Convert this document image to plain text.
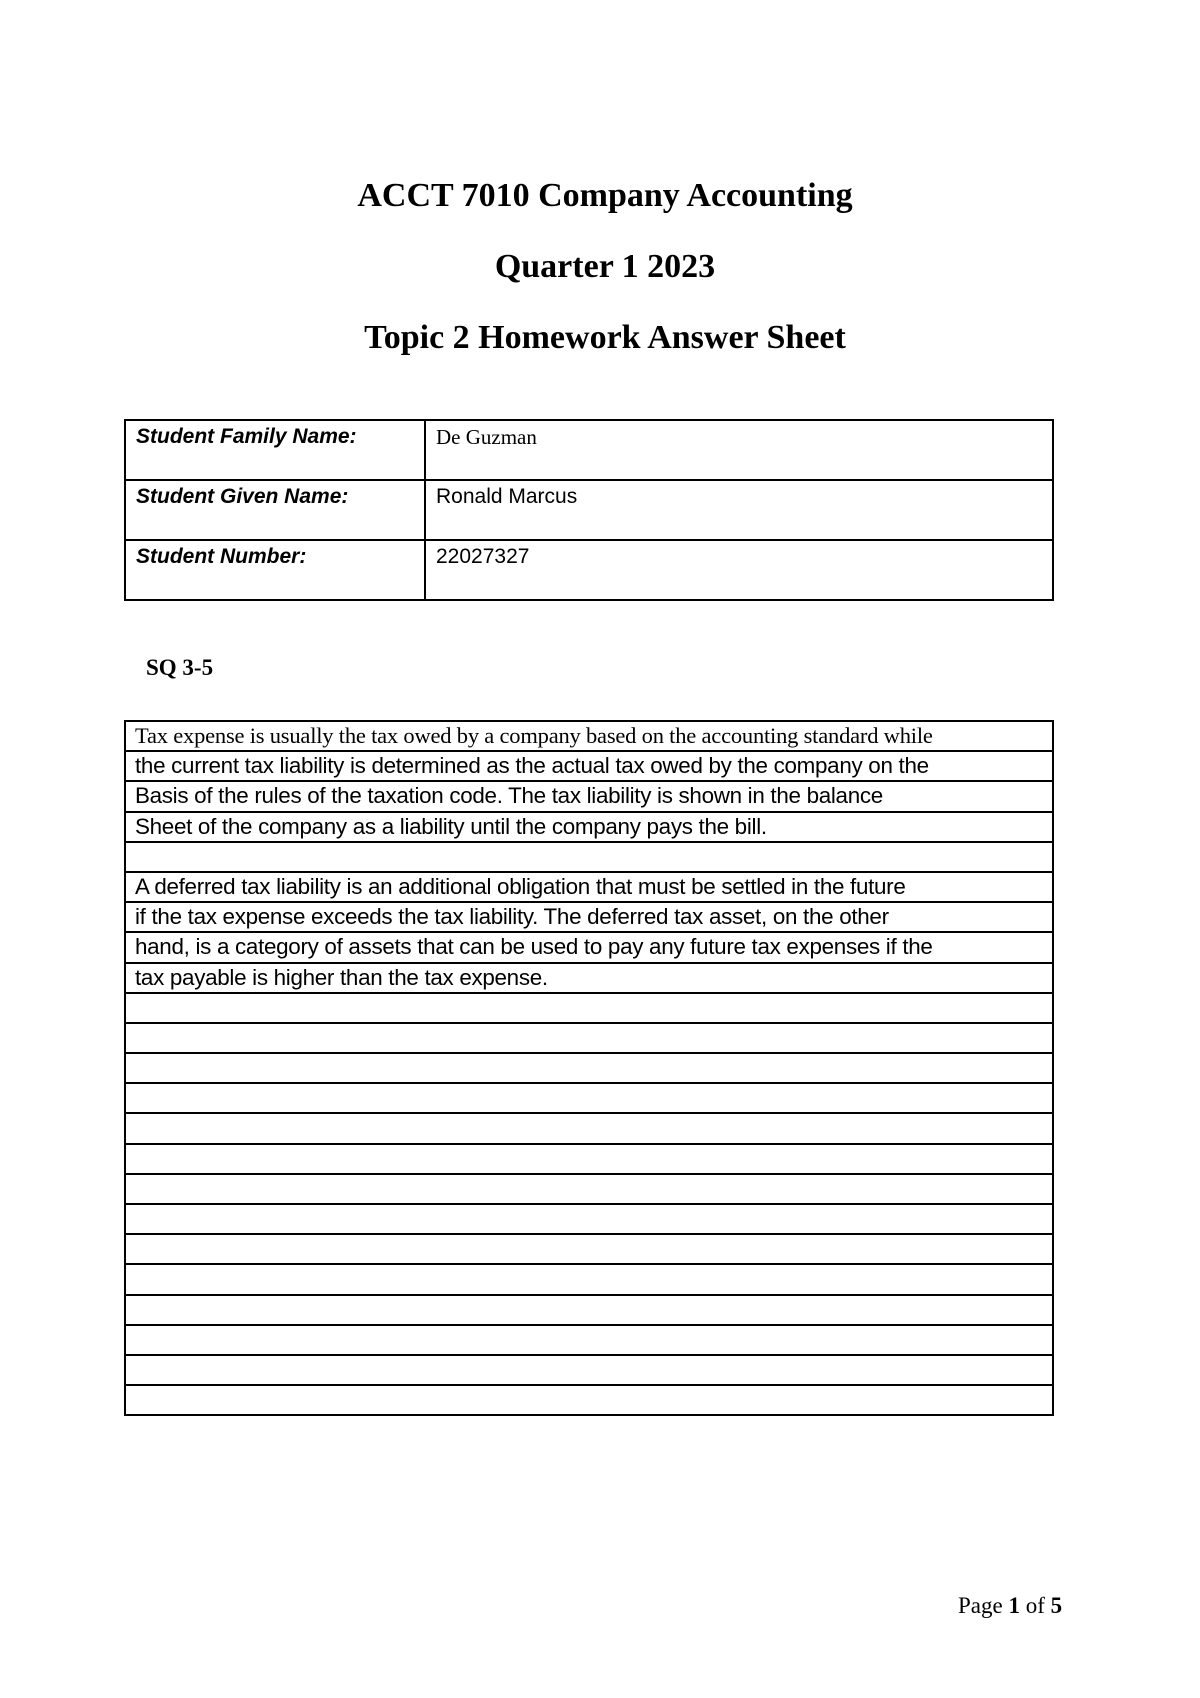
ACCT 7010 Company Accounting
Quarter 1 2023
Topic 2 Homework Answer Sheet
Student Family Name:	De Guzman
Student Given Name:	Ronald Marcus
Student Number:	22027327
SQ 3-5
Tax expense is usually the tax owed by a company based on the accounting standard while
the current tax liability is determined as the actual tax owed by the company on the
Basis of the rules of the taxation code. The tax liability is shown in the balance
Sheet of the company as a liability until the company pays the bill.

A deferred tax liability is an additional obligation that must be settled in the future
if the tax expense exceeds the tax liability. The deferred tax asset, on the other
hand, is a category of assets that can be used to pay any future tax expenses if the
tax payable is higher than the tax expense.

Page 1 of 5
